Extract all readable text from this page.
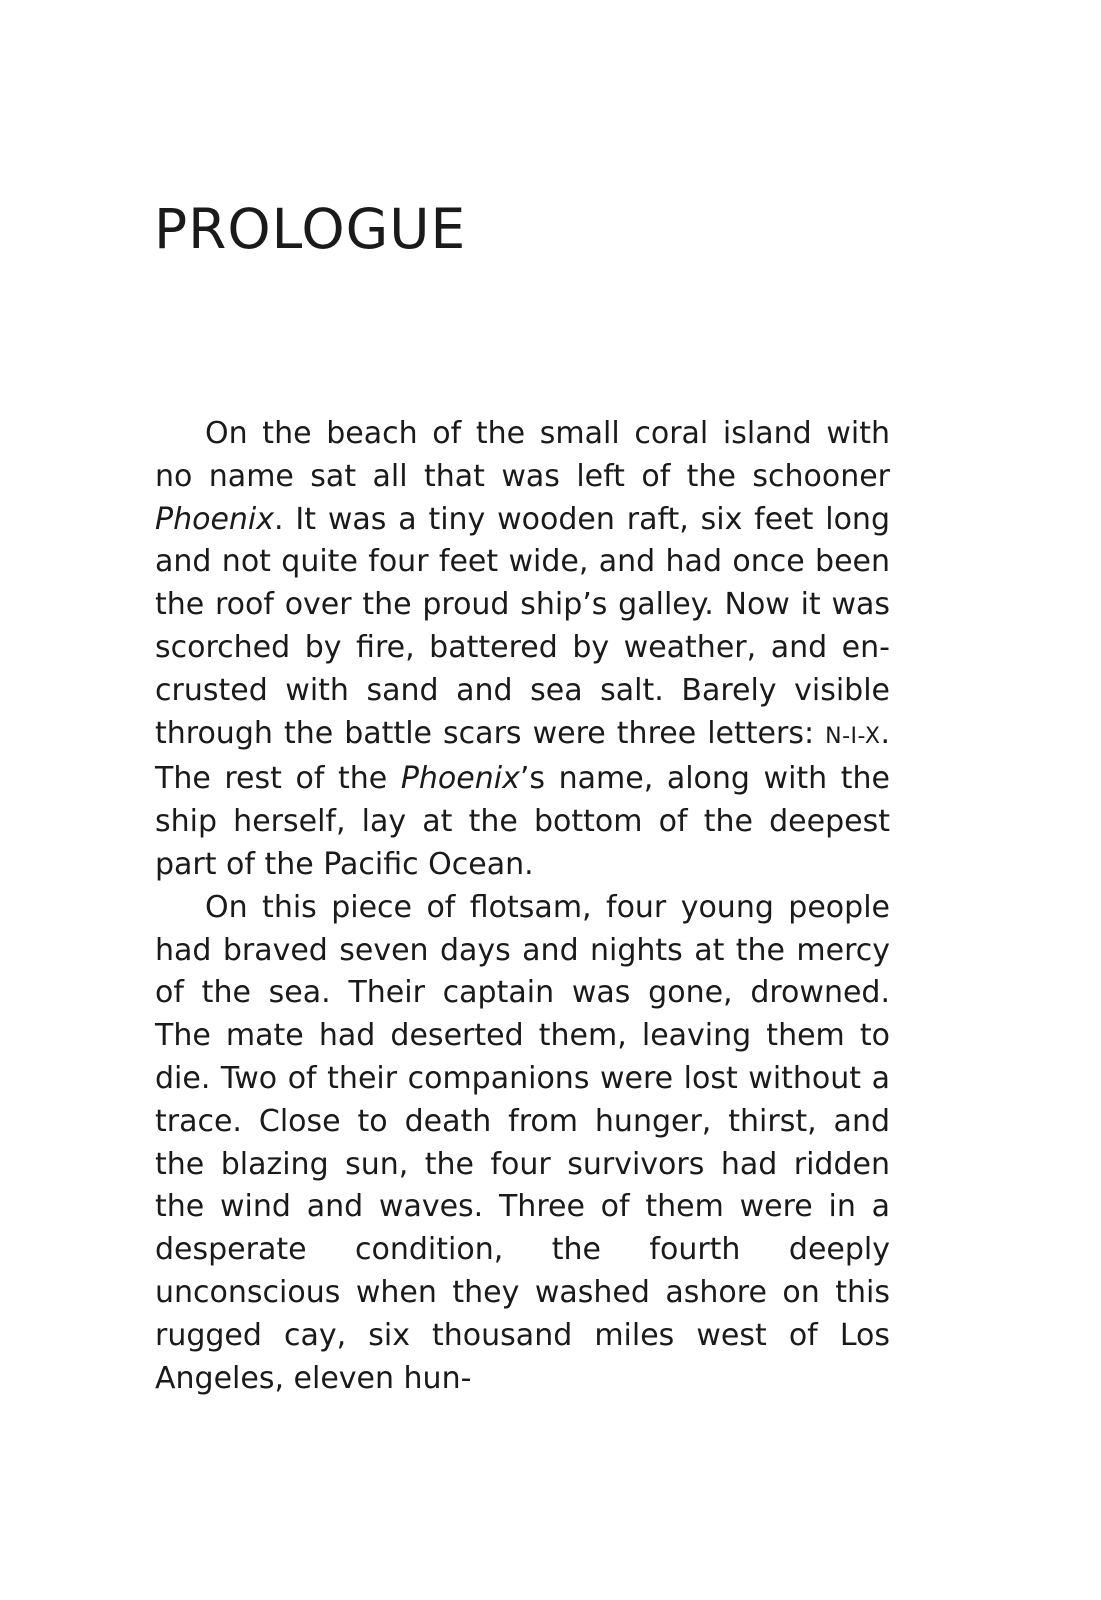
PROLOGUE

On the beach of the small coral island with no name sat all that was left of the schooner Phoenix. It was a tiny wooden raft, six feet long and not quite four feet wide, and had once been the roof over the proud ship’s galley. Now it was scorched by fire, battered by weather, and encrusted with sand and sea salt. Barely visible through the battle scars were three letters: N-I-X. The rest of the Phoenix’s name, along with the ship herself, lay at the bottom of the deepest part of the Pacific Ocean.

On this piece of flotsam, four young people had braved seven days and nights at the mercy of the sea. Their captain was gone, drowned. The mate had deserted them, leaving them to die. Two of their companions were lost without a trace. Close to death from hunger, thirst, and the blazing sun, the four survivors had ridden the wind and waves. Three of them were in a desperate condition, the fourth deeply unconscious when they washed ashore on this rugged cay, six thousand miles west of Los Angeles, eleven hun-
